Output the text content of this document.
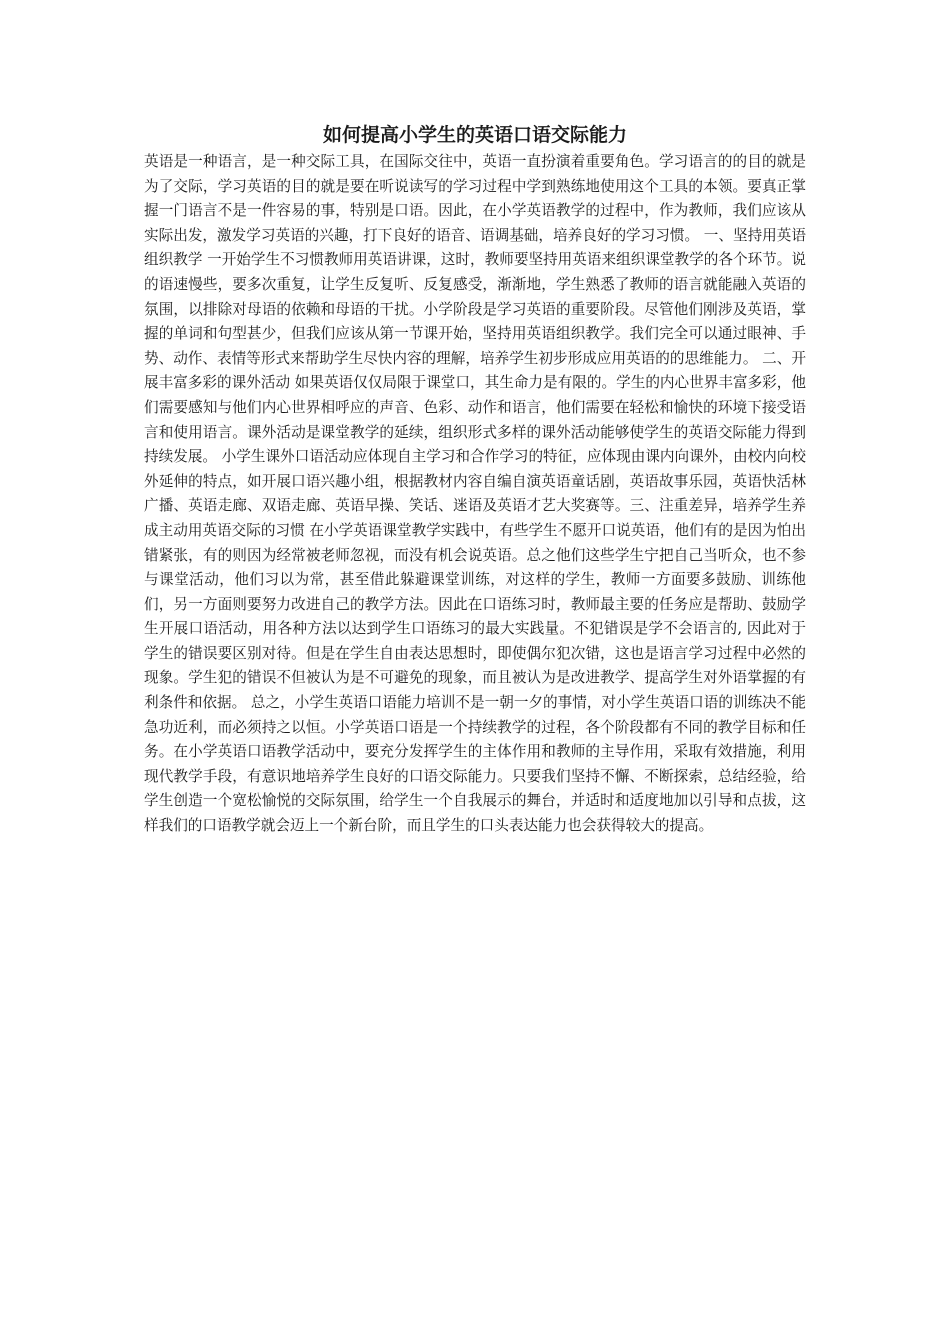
如何提高小学生的英语口语交际能力

英语是一种语言，是一种交际工具，在国际交往中，英语一直扮演着重要角色。学习语言的的目的就是为了交际，学习英语的目的就是要在听说读写的学习过程中学到熟练地使用这个工具的本领。要真正掌握一门语言不是一件容易的事，特别是口语。因此，在小学英语教学的过程中，作为教师，我们应该从实际出发，激发学习英语的兴趣，打下良好的语音、语调基础，培养良好的学习习惯。 一、坚持用英语组织教学 一开始学生不习惯教师用英语讲课，这时，教师要坚持用英语来组织课堂教学的各个环节。说的语速慢些，要多次重复，让学生反复听、反复感受，渐渐地，学生熟悉了教师的语言就能融入英语的氛围，以排除对母语的依赖和母语的干扰。小学阶段是学习英语的重要阶段。尽管他们刚涉及英语，掌握的单词和句型甚少，但我们应该从第一节课开始，坚持用英语组织教学。我们完全可以通过眼神、手势、动作、表情等形式来帮助学生尽快内容的理解，培养学生初步形成应用英语的的思维能力。 二、开展丰富多彩的课外活动 如果英语仅仅局限于课堂口，其生命力是有限的。学生的内心世界丰富多彩，他们需要感知与他们内心世界相呼应的声音、色彩、动作和语言，他们需要在轻松和愉快的环境下接受语言和使用语言。课外活动是课堂教学的延续，组织形式多样的课外活动能够使学生的英语交际能力得到持续发展。 小学生课外口语活动应体现自主学习和合作学习的特征，应体现由课内向课外，由校内向校外延伸的特点，如开展口语兴趣小组，根据教材内容自编自演英语童话剧，英语故事乐园，英语快活林广播、英语走廊、双语走廊、英语早操、笑话、迷语及英语才艺大奖赛等。三、注重差异，培养学生养成主动用英语交际的习惯 在小学英语课堂教学实践中，有些学生不愿开口说英语，他们有的是因为怕出错紧张，有的则因为经常被老师忽视，而没有机会说英语。总之他们这些学生宁把自己当听众，也不参与课堂活动，他们习以为常，甚至借此躲避课堂训练，对这样的学生，教师一方面要多鼓励、训练他们，另一方面则要努力改进自己的教学方法。因此在口语练习时，教师最主要的任务应是帮助、鼓励学生开展口语活动，用各种方法以达到学生口语练习的最大实践量。不犯错误是学不会语言的, 因此对于学生的错误要区别对待。但是在学生自由表达思想时，即使偶尔犯次错，这也是语言学习过程中必然的现象。学生犯的错误不但被认为是不可避免的现象，而且被认为是改进教学、提高学生对外语掌握的有利条件和依据。 总之，小学生英语口语能力培训不是一朝一夕的事情，对小学生英语口语的训练决不能急功近利，而必须持之以恒。小学英语口语是一个持续教学的过程，各个阶段都有不同的教学目标和任务。在小学英语口语教学活动中，要充分发挥学生的主体作用和教师的主导作用，采取有效措施，利用现代教学手段，有意识地培养学生良好的口语交际能力。只要我们坚持不懈、不断探索，总结经验，给学生创造一个宽松愉悦的交际氛围，给学生一个自我展示的舞台，并适时和适度地加以引导和点拔，这样我们的口语教学就会迈上一个新台阶，而且学生的口头表达能力也会获得较大的提高。
